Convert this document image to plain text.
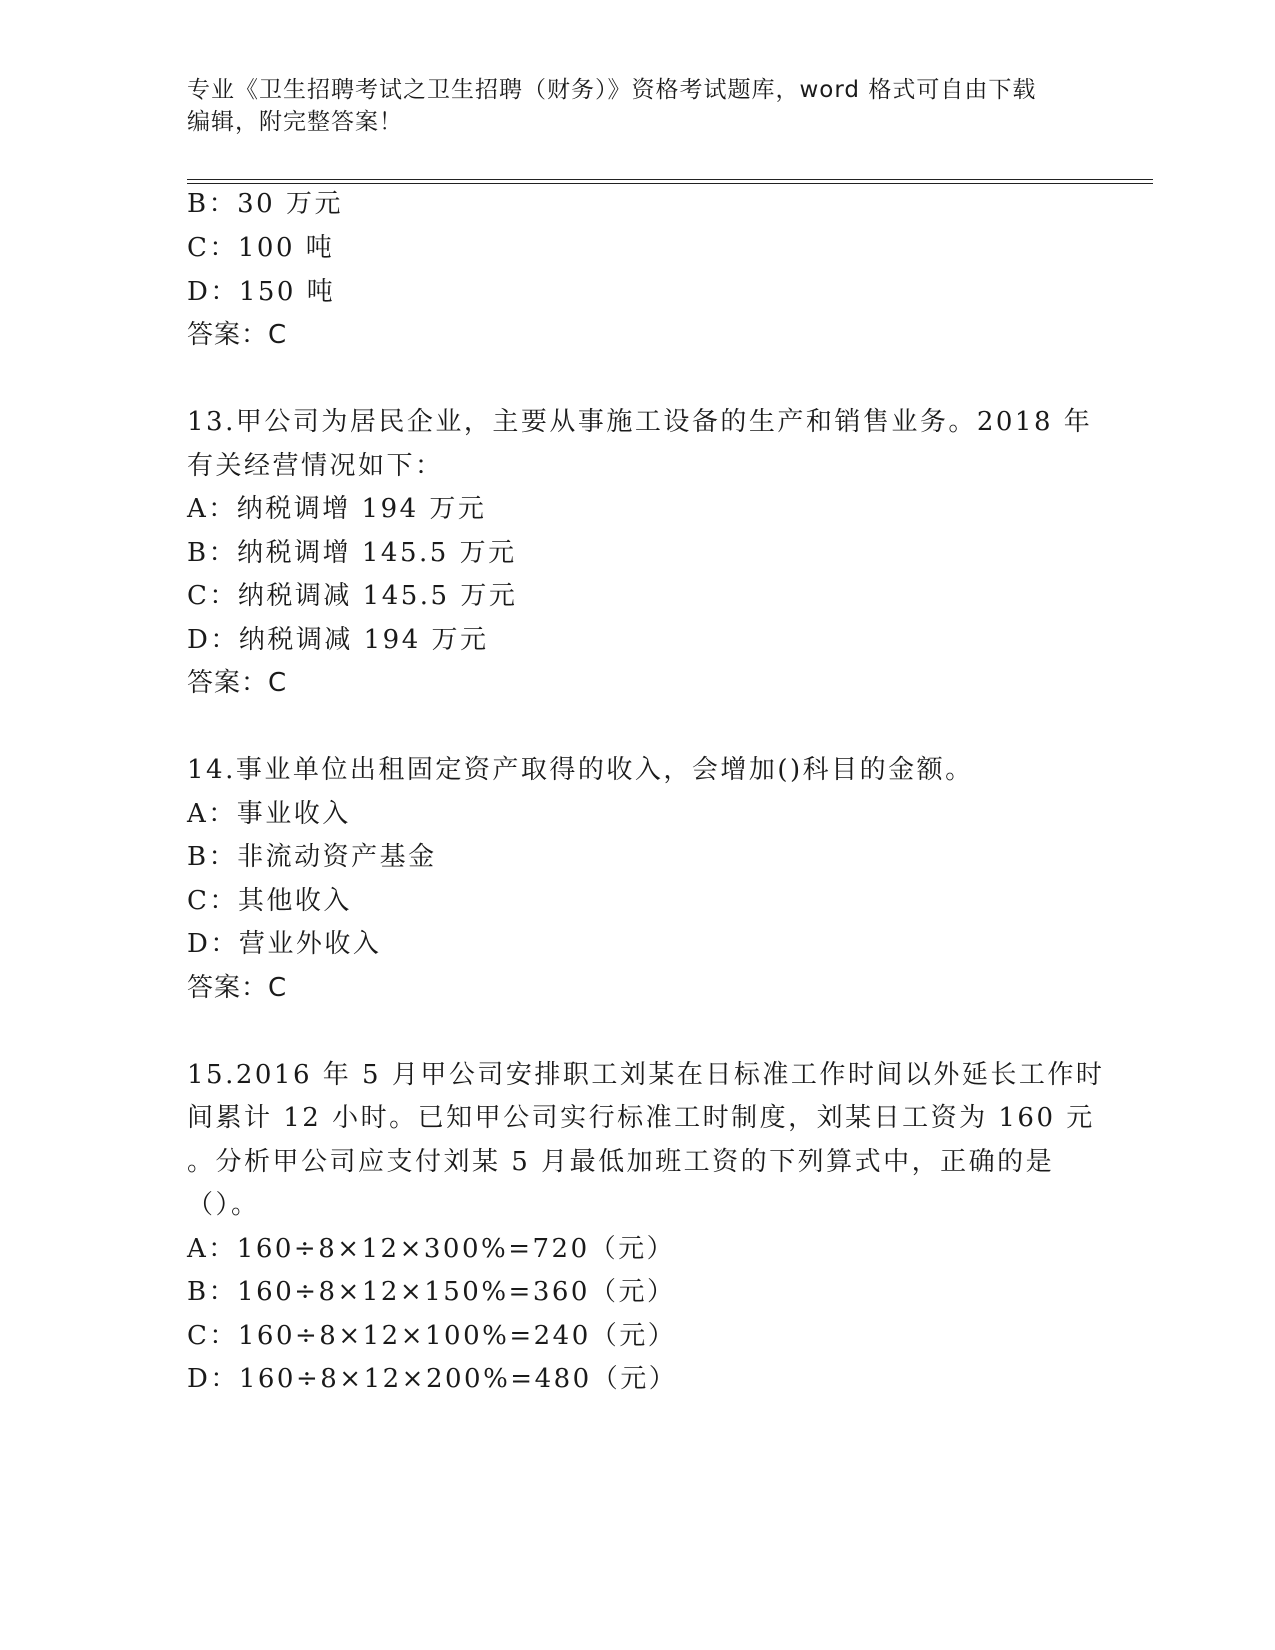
专业《卫生招聘考试之卫生招聘（财务）》资格考试题库，word 格式可自由下载
编辑，附完整答案！
B：30 万元
C：100 吨
D：150 吨
答案：C
13.甲公司为居民企业，主要从事施工设备的生产和销售业务。2018 年
有关经营情况如下：
A：纳税调增 194 万元
B：纳税调增 145.5 万元
C：纳税调减 145.5 万元
D：纳税调减 194 万元
答案：C
14.事业单位出租固定资产取得的收入，会增加()科目的金额。
A：事业收入
B：非流动资产基金
C：其他收入
D：营业外收入
答案：C
15.2016 年 5 月甲公司安排职工刘某在日标准工作时间以外延长工作时
间累计 12 小时。已知甲公司实行标准工时制度，刘某日工资为 160 元
。分析甲公司应支付刘某 5 月最低加班工资的下列算式中，正确的是
（）。
A：160÷8×12×300%=720（元）
B：160÷8×12×150%=360（元）
C：160÷8×12×100%=240（元）
D：160÷8×12×200%=480（元）
